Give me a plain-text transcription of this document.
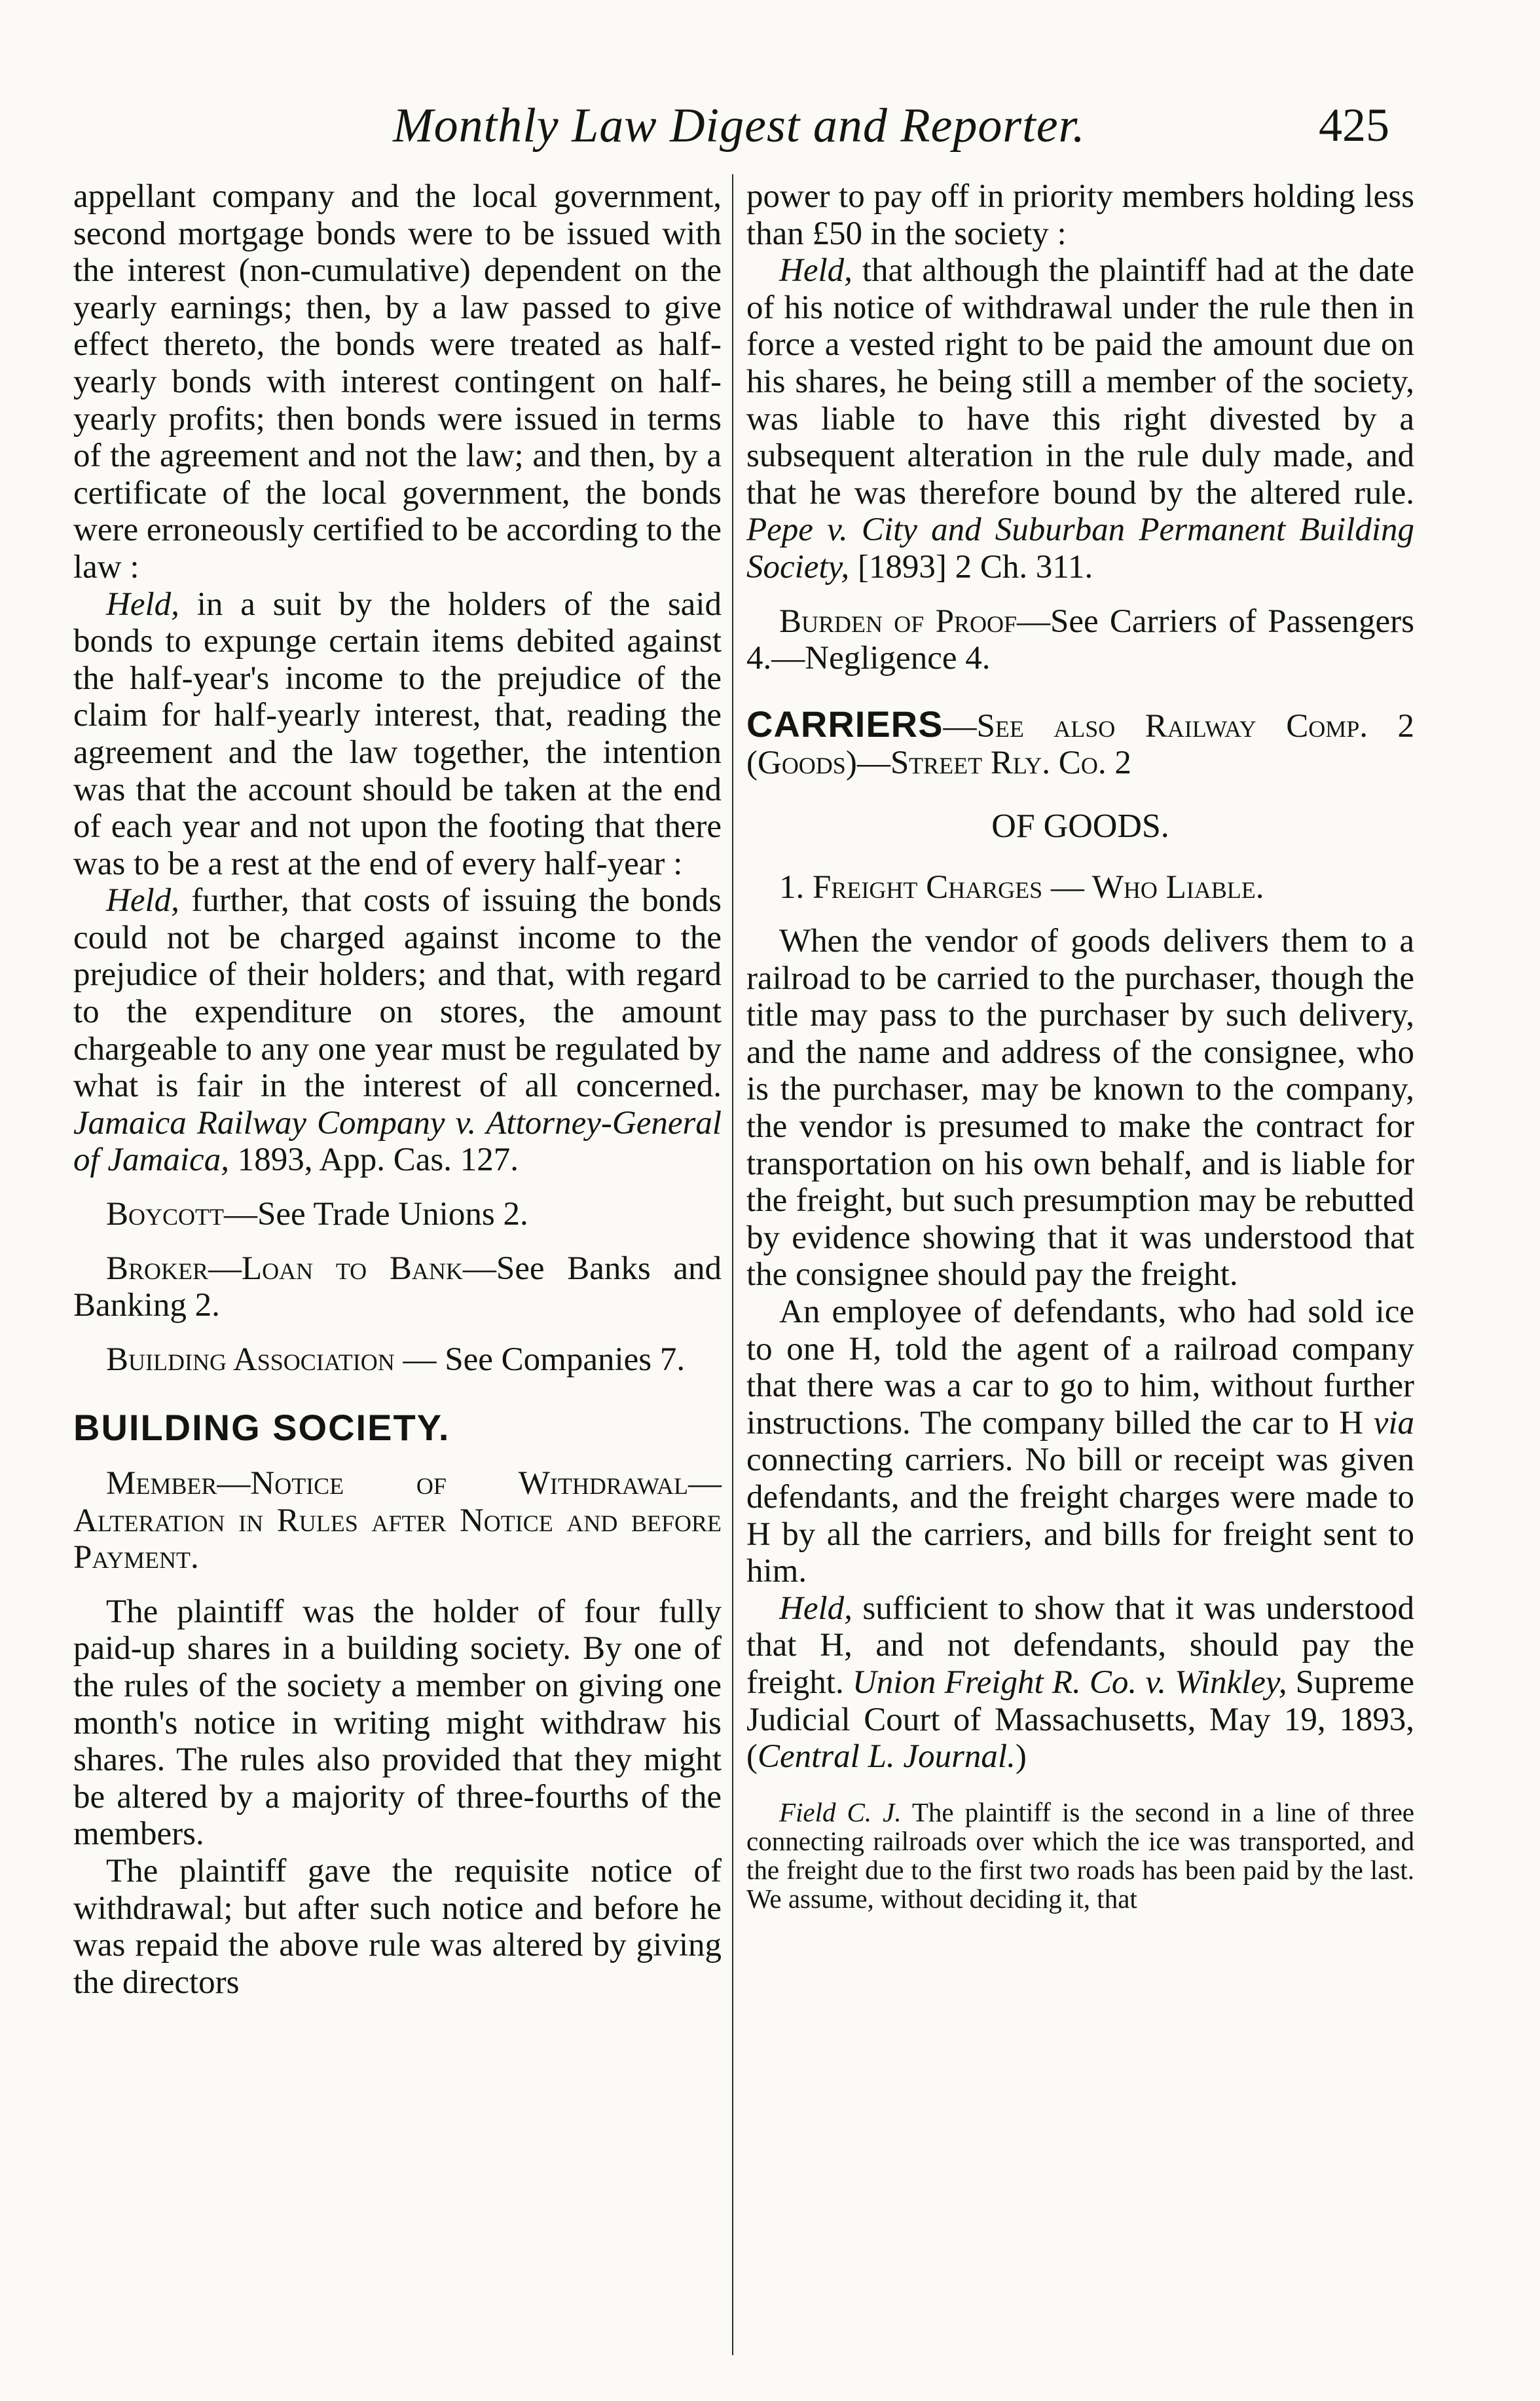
Monthly Law Digest and Reporter.	425

appellant company and the local government, second mortgage bonds were to be issued with the interest (non-cumulative) dependent on the yearly earnings; then, by a law passed to give effect thereto, the bonds were treated as half-yearly bonds with interest contingent on half-yearly profits; then bonds were issued in terms of the agreement and not the law; and then, by a certificate of the local government, the bonds were erroneously certified to be according to the law :

Held, in a suit by the holders of the said bonds to expunge certain items debited against the half-year's income to the prejudice of the claim for half-yearly interest, that, reading the agreement and the law together, the intention was that the account should be taken at the end of each year and not upon the footing that there was to be a rest at the end of every half-year :

Held, further, that costs of issuing the bonds could not be charged against income to the prejudice of their holders; and that, with regard to the expenditure on stores, the amount chargeable to any one year must be regulated by what is fair in the interest of all concerned. Jamaica Railway Company v. Attorney-General of Jamaica, 1893, App. Cas. 127.

Boycott—See Trade Unions 2.

Broker—Loan to Bank—See Banks and Banking 2.

Building Association — See Companies 7.

BUILDING SOCIETY.

Member—Notice of Withdrawal—Alteration in Rules after Notice and before Payment.

The plaintiff was the holder of four fully paid-up shares in a building society. By one of the rules of the society a member on giving one month's notice in writing might withdraw his shares. The rules also provided that they might be altered by a majority of three-fourths of the members.

The plaintiff gave the requisite notice of withdrawal; but after such notice and before he was repaid the above rule was altered by giving the directors

power to pay off in priority members holding less than £50 in the society :

Held, that although the plaintiff had at the date of his notice of withdrawal under the rule then in force a vested right to be paid the amount due on his shares, he being still a member of the society, was liable to have this right divested by a subsequent alteration in the rule duly made, and that he was therefore bound by the altered rule. Pepe v. City and Suburban Permanent Building Society, [1893] 2 Ch. 311.

Burden of Proof—See Carriers of Passengers 4.—Negligence 4.

CARRIERS—See also Railway Comp. 2 (Goods)—Street Rly. Co. 2

OF GOODS.

1. Freight Charges — Who Liable.

When the vendor of goods delivers them to a railroad to be carried to the purchaser, though the title may pass to the purchaser by such delivery, and the name and address of the consignee, who is the purchaser, may be known to the company, the vendor is presumed to make the contract for transportation on his own behalf, and is liable for the freight, but such presumption may be rebutted by evidence showing that it was understood that the consignee should pay the freight.

An employee of defendants, who had sold ice to one H, told the agent of a railroad company that there was a car to go to him, without further instructions. The company billed the car to H via connecting carriers. No bill or receipt was given defendants, and the freight charges were made to H by all the carriers, and bills for freight sent to him.

Held, sufficient to show that it was understood that H, and not defendants, should pay the freight. Union Freight R. Co. v. Winkley, Supreme Judicial Court of Massachusetts, May 19, 1893, (Central L. Journal.)

Field C. J. The plaintiff is the second in a line of three connecting railroads over which the ice was transported, and the freight due to the first two roads has been paid by the last. We assume, without deciding it, that
